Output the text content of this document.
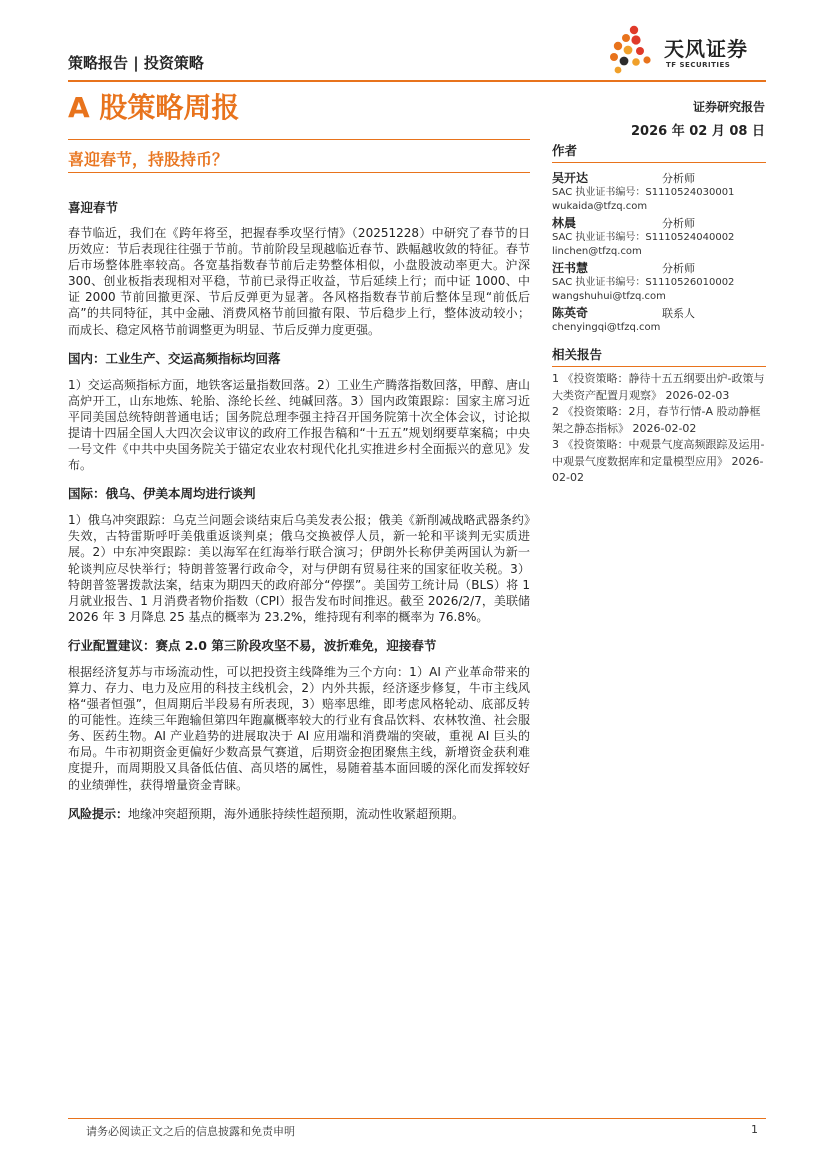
策略报告 | 投资策略
天风证券
TF SECURITIES
A 股策略周报	证券研究报告
2026 年 02 月 08 日
喜迎春节，持股持币？
喜迎春节
春节临近，我们在《跨年将至，把握春季攻坚行情》（20251228）中研究了春节的日历效应：节后表现往往强于节前。节前阶段呈现越临近春节、跌幅越收敛的特征。春节后市场整体胜率较高。各宽基指数春节前后走势整体相似，小盘股波动率更大。沪深 300、创业板指表现相对平稳，节前已录得正收益，节后延续上行；而中证 1000、中证 2000 节前回撤更深、节后反弹更为显著。各风格指数春节前后整体呈现“前低后高”的共同特征，其中金融、消费风格节前回撤有限、节后稳步上行，整体波动较小；而成长、稳定风格节前调整更为明显、节后反弹力度更强。
国内：工业生产、交运高频指标均回落
1）交运高频指标方面，地铁客运量指数回落。2）工业生产腾落指数回落，甲醇、唐山高炉开工，山东地炼、轮胎、涤纶长丝、纯碱回落。3）国内政策跟踪：国家主席习近平同美国总统特朗普通电话；国务院总理李强主持召开国务院第十次全体会议，讨论拟提请十四届全国人大四次会议审议的政府工作报告稿和“十五五”规划纲要草案稿；中央一号文件《中共中央国务院关于锚定农业农村现代化扎实推进乡村全面振兴的意见》发布。
国际：俄乌、伊美本周均进行谈判
1）俄乌冲突跟踪：乌克兰问题会谈结束后乌美发表公报；俄美《新削减战略武器条约》失效，古特雷斯呼吁美俄重返谈判桌；俄乌交换被俘人员，新一轮和平谈判无实质进展。2）中东冲突跟踪：美以海军在红海举行联合演习；伊朗外长称伊美两国认为新一轮谈判应尽快举行；特朗普签署行政命令，对与伊朗有贸易往来的国家征收关税。3）特朗普签署拨款法案，结束为期四天的政府部分“停摆”。美国劳工统计局（BLS）将 1 月就业报告、1 月消费者物价指数（CPI）报告发布时间推迟。截至 2026/2/7，美联储 2026 年 3 月降息 25 基点的概率为 23.2%，维持现有利率的概率为 76.8%。
行业配置建议：赛点 2.0 第三阶段攻坚不易，波折难免，迎接春节
根据经济复苏与市场流动性，可以把投资主线降维为三个方向：1）AI 产业革命带来的算力、存力、电力及应用的科技主线机会，2）内外共振，经济逐步修复，牛市主线风格“强者恒强”，但周期后半段易有所表现，3）赔率思维，即考虑风格轮动、底部反转的可能性。连续三年跑输但第四年跑赢概率较大的行业有食品饮料、农林牧渔、社会服务、医药生物。AI 产业趋势的进展取决于 AI 应用端和消费端的突破，重视 AI 巨头的布局。牛市初期资金更偏好少数高景气赛道，后期资金抱团聚焦主线，新增资金获利难度提升，而周期股又具备低估值、高贝塔的属性，易随着基本面回暖的深化而发挥较好的业绩弹性，获得增量资金青睐。
风险提示：地缘冲突超预期，海外通胀持续性超预期，流动性收紧超预期。
作者
吴开达	分析师
SAC 执业证书编号：S1110524030001
wukaida@tfzq.com
林晨	分析师
SAC 执业证书编号：S1110524040002
linchen@tfzq.com
汪书慧	分析师
SAC 执业证书编号：S1110526010002
wangshuhui@tfzq.com
陈英奇	联系人
chenyingqi@tfzq.com
相关报告
1 《投资策略：静待十五五纲要出炉-政策与大类资产配置月观察》 2026-02-03
2 《投资策略：2月，春节行情-A 股动静框架之静态指标》 2026-02-02
3 《投资策略：中观景气度高频跟踪及运用-中观景气度数据库和定量模型应用》 2026-02-02
请务必阅读正文之后的信息披露和免责申明	1
